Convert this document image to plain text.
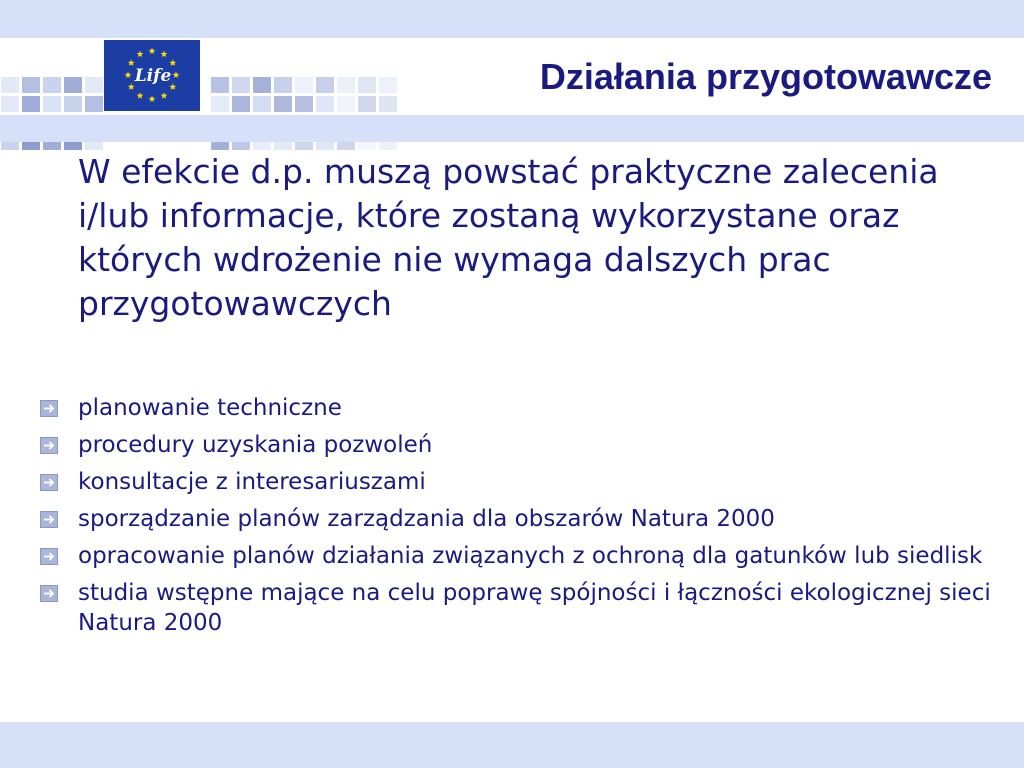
Life	Działania przygotowawcze

W efekcie d.p. muszą powstać praktyczne zalecenia i/lub informacje, które zostaną wykorzystane oraz których wdrożenie nie wymaga dalszych prac przygotowawczych

planowanie techniczne
procedury uzyskania pozwoleń
konsultacje z interesariuszami
sporządzanie planów zarządzania dla obszarów Natura 2000
opracowanie planów działania związanych z ochroną dla gatunków lub siedlisk
studia wstępne mające na celu poprawę spójności i łączności ekologicznej sieci Natura 2000
